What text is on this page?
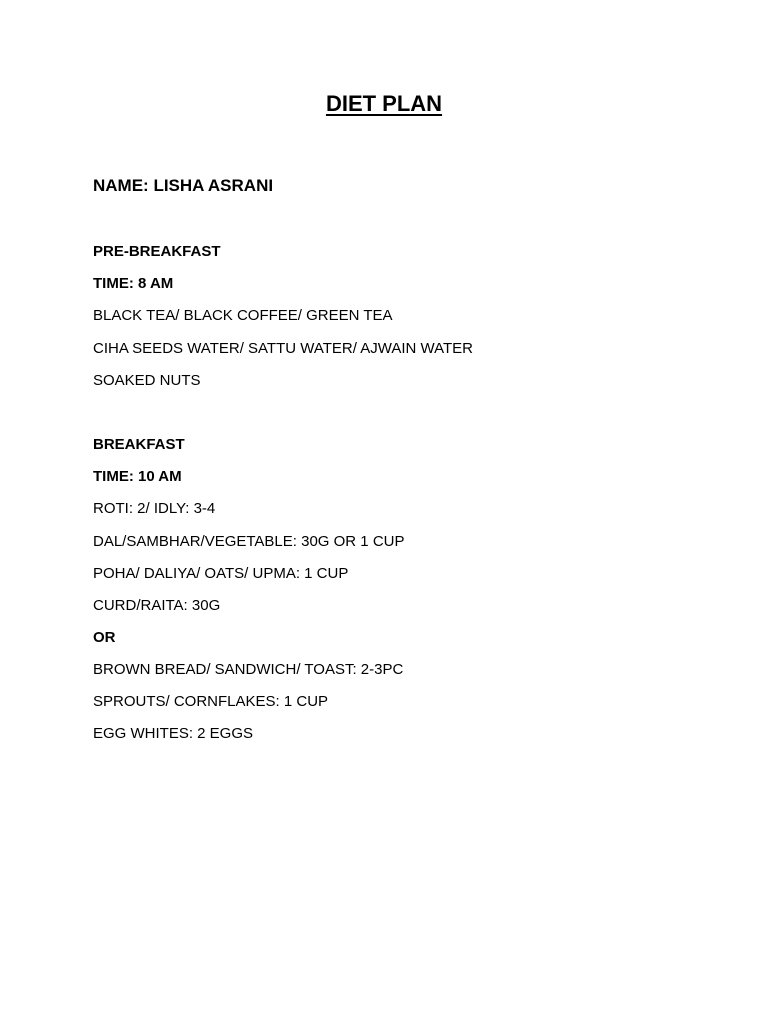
DIET PLAN
NAME: LISHA ASRANI
PRE-BREAKFAST
TIME: 8 AM
BLACK TEA/ BLACK COFFEE/ GREEN TEA
CIHA SEEDS WATER/ SATTU WATER/ AJWAIN WATER
SOAKED NUTS
BREAKFAST
TIME: 10 AM
ROTI: 2/ IDLY: 3-4
DAL/SAMBHAR/VEGETABLE: 30G OR 1 CUP
POHA/ DALIYA/ OATS/ UPMA: 1 CUP
CURD/RAITA: 30G
OR
BROWN BREAD/ SANDWICH/ TOAST: 2-3PC
SPROUTS/ CORNFLAKES: 1 CUP
EGG WHITES: 2 EGGS
